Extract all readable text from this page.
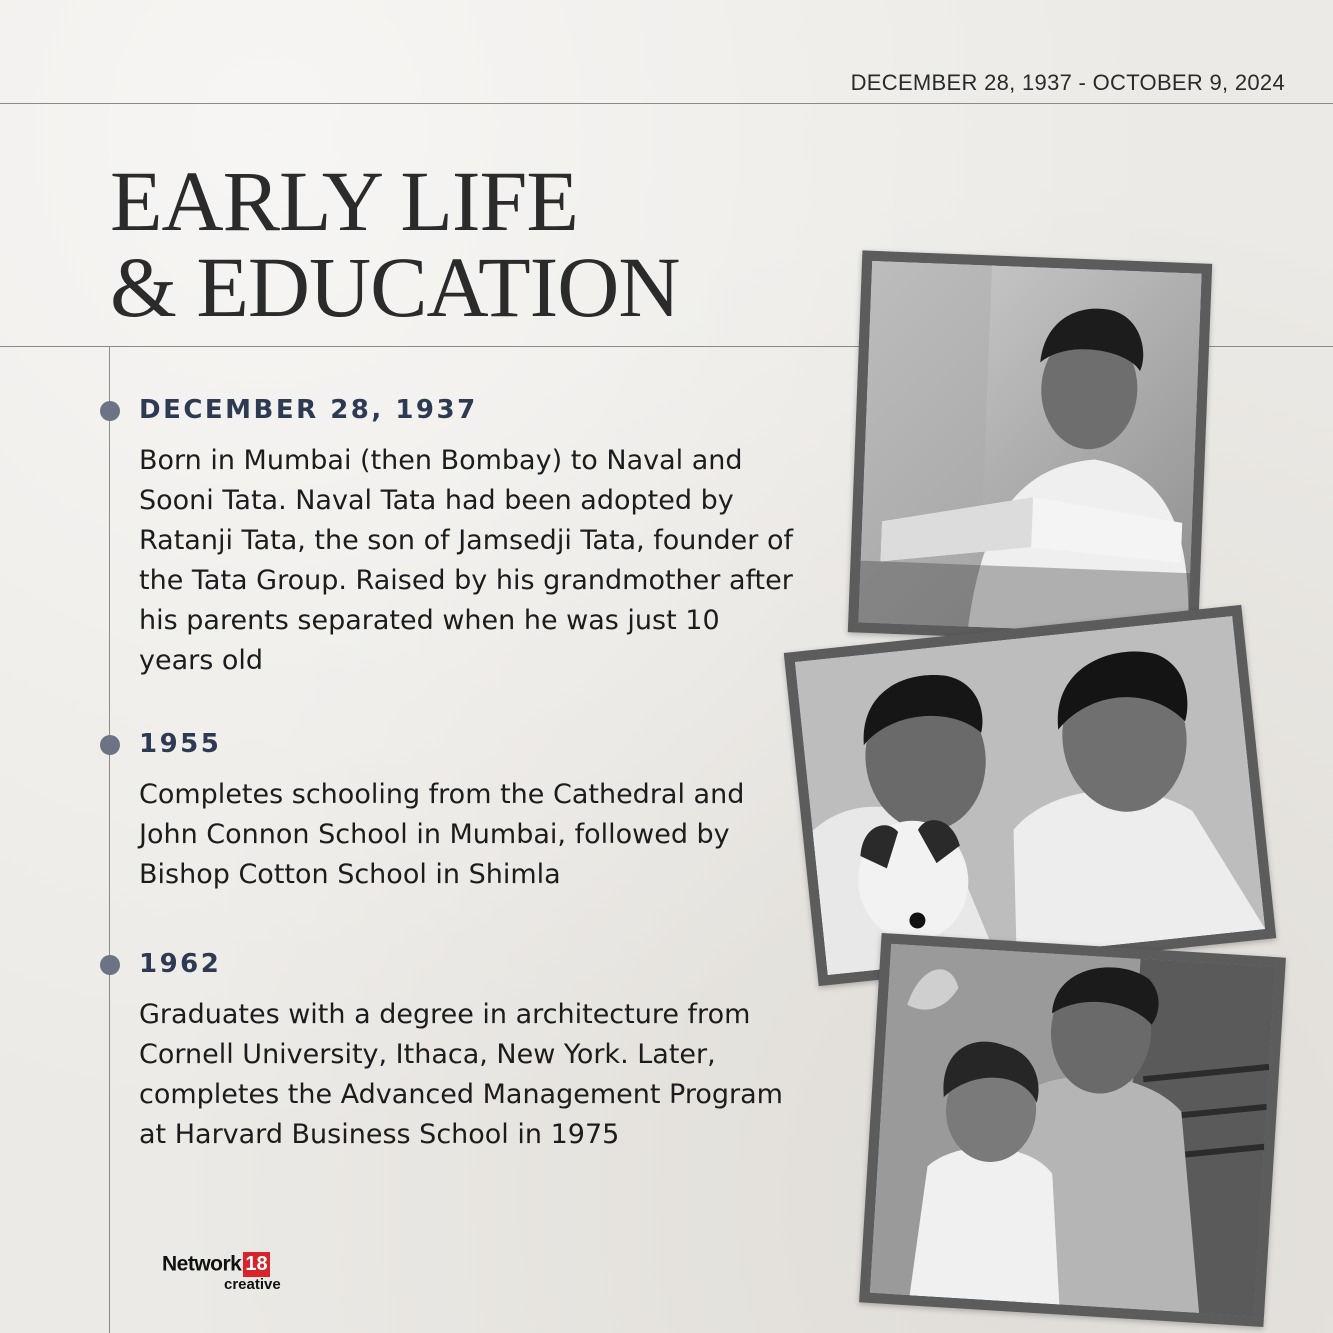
DECEMBER 28, 1937 - OCTOBER 9, 2024
EARLY LIFE
& EDUCATION

DECEMBER 28, 1937

Born in Mumbai (then Bombay) to Naval and Sooni Tata. Naval Tata had been adopted by Ratanji Tata, the son of Jamsedji Tata, founder of the Tata Group. Raised by his grandmother after his parents separated when he was just 10 years old

1955

Completes schooling from the Cathedral and John Connon School in Mumbai, followed by Bishop Cotton School in Shimla

1962

Graduates with a degree in architecture from Cornell University, Ithaca, New York. Later, completes the Advanced Management Program at Harvard Business School in 1975

Network 18
creative
